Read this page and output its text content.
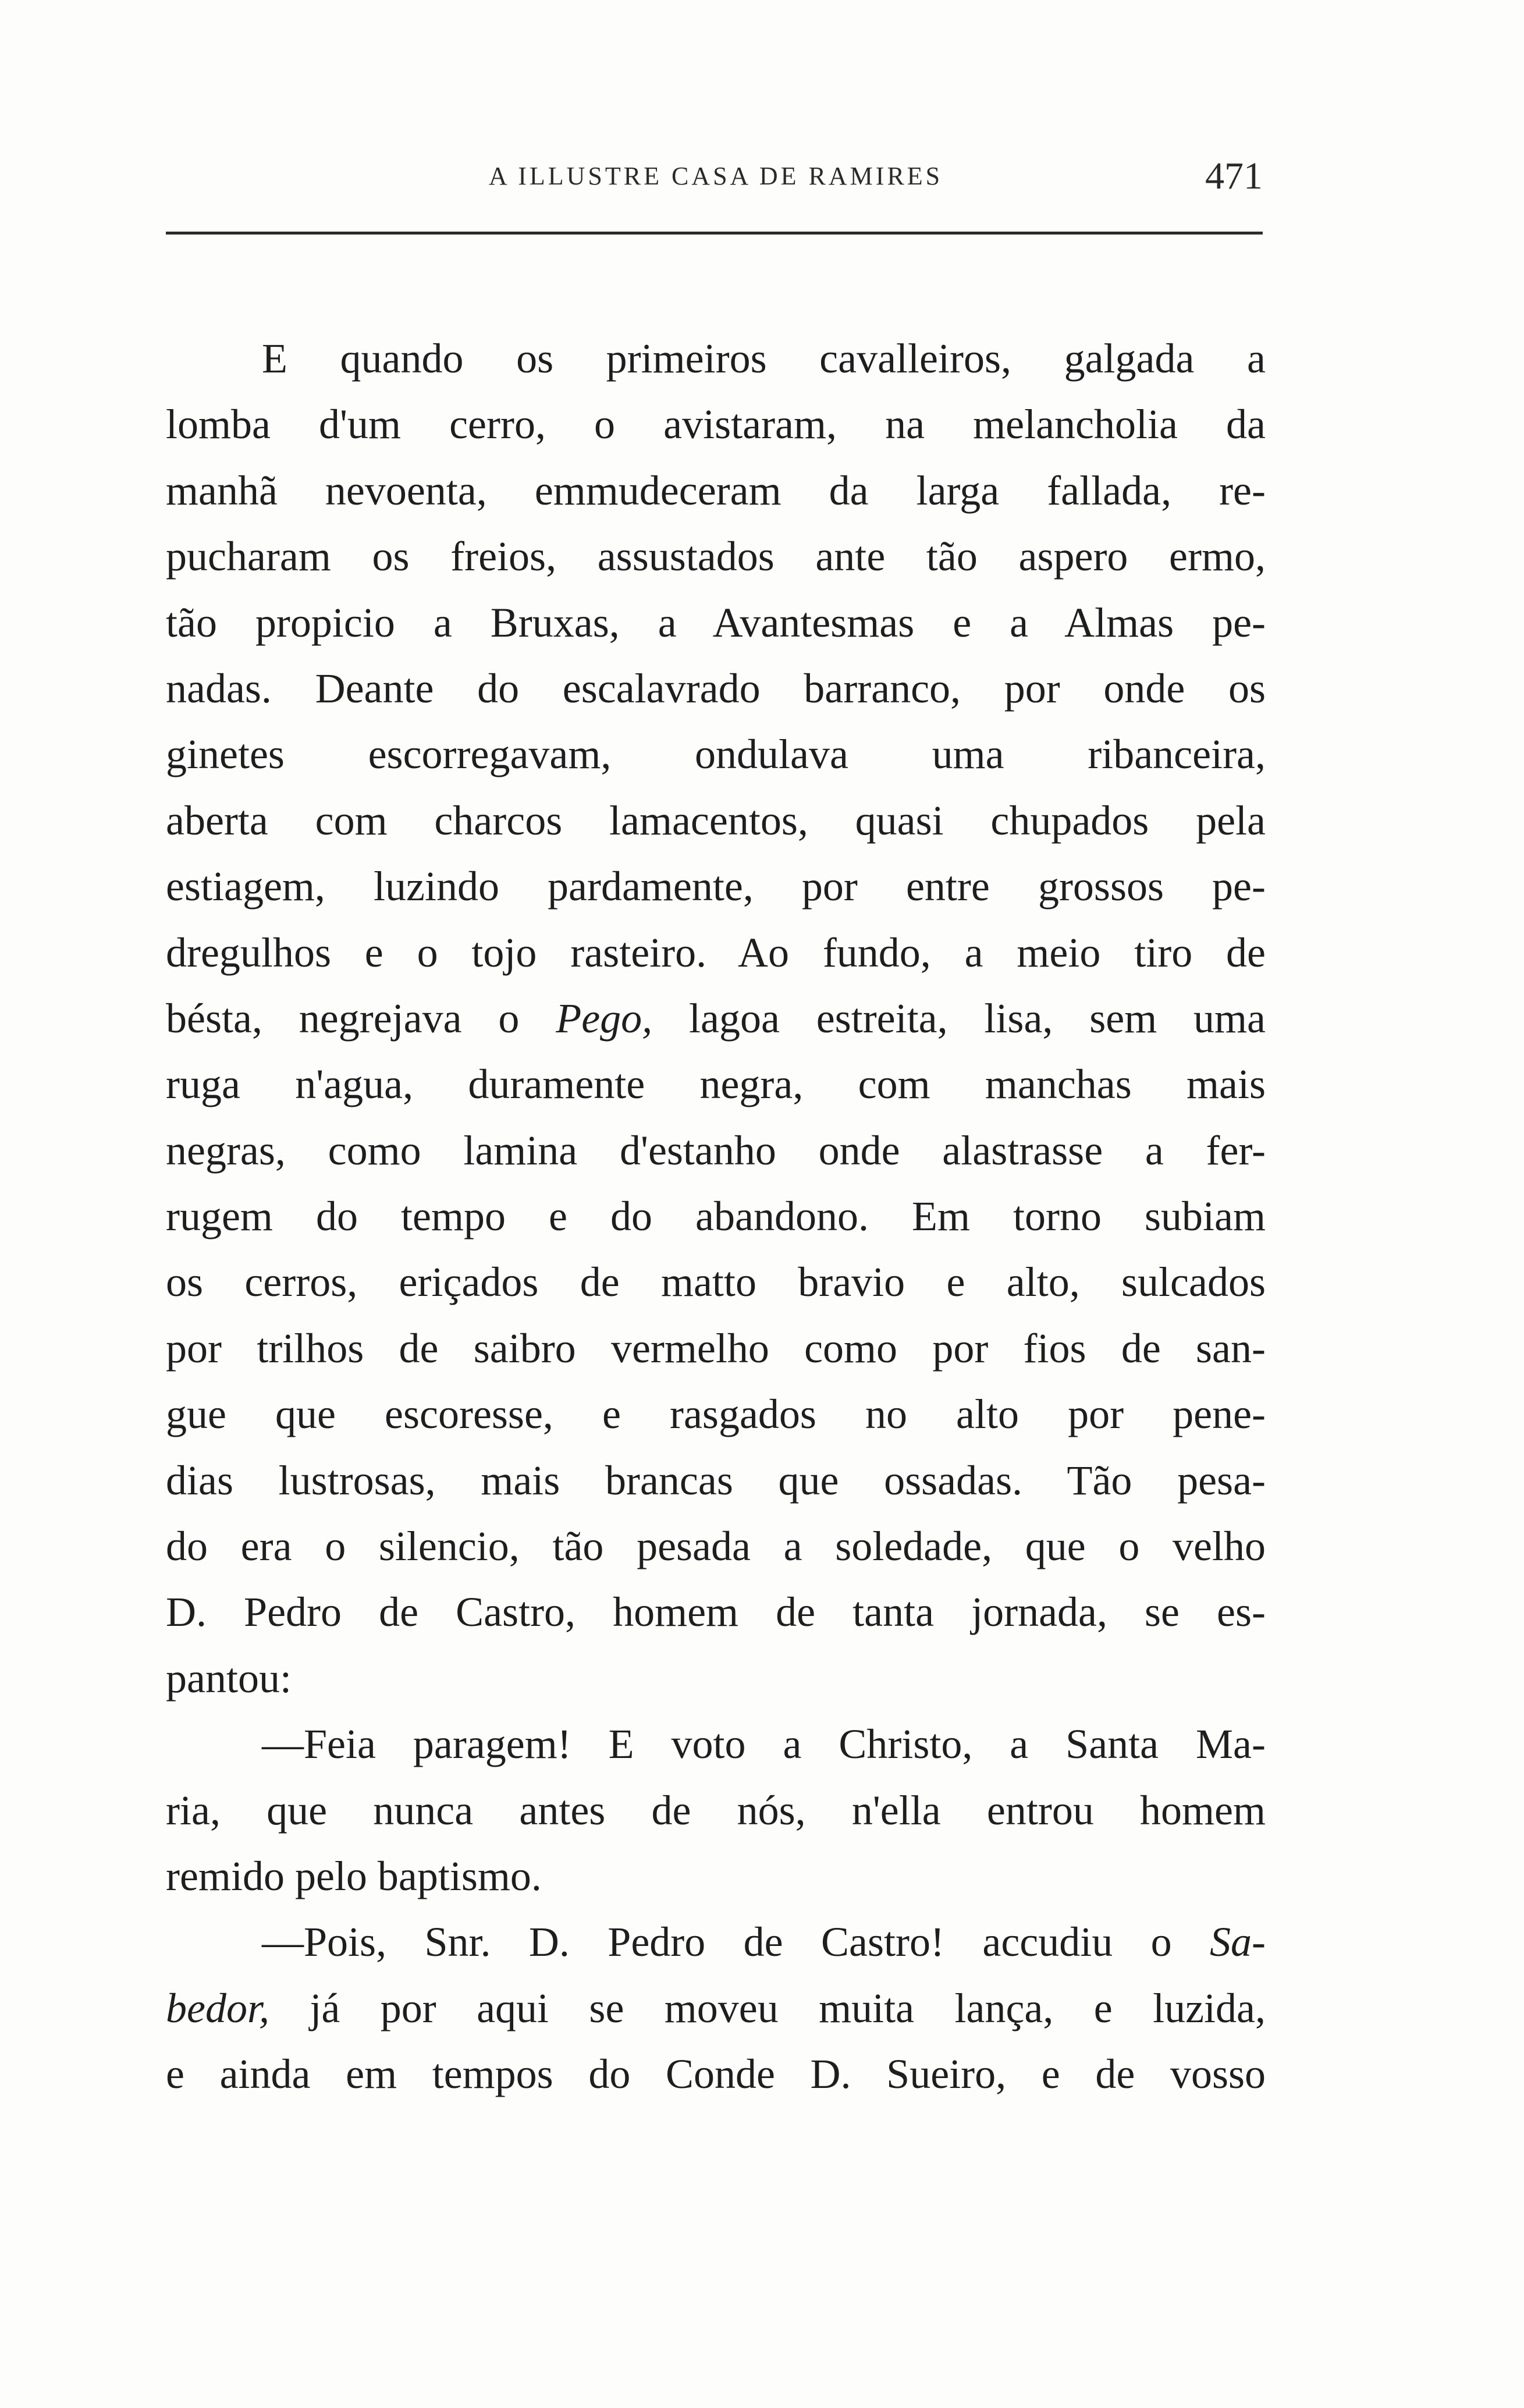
A ILLUSTRE CASA DE RAMIRES	471
E quando os primeiros cavalleiros, galgada a
lomba d'um cerro, o avistaram, na melancholia da
manhã nevoenta, emmudeceram da larga fallada, re-
pucharam os freios, assustados ante tão aspero ermo,
tão propicio a Bruxas, a Avantesmas e a Almas pe-
nadas. Deante do escalavrado barranco, por onde os
ginetes escorregavam, ondulava uma ribanceira,
aberta com charcos lamacentos, quasi chupados pela
estiagem, luzindo pardamente, por entre grossos pe-
dregulhos e o tojo rasteiro. Ao fundo, a meio tiro de
bésta, negrejava o Pego, lagoa estreita, lisa, sem uma
ruga n'agua, duramente negra, com manchas mais
negras, como lamina d'estanho onde alastrasse a fer-
rugem do tempo e do abandono. Em torno subiam
os cerros, eriçados de matto bravio e alto, sulcados
por trilhos de saibro vermelho como por fios de san-
gue que escoresse, e rasgados no alto por pene-
dias lustrosas, mais brancas que ossadas. Tão pesa-
do era o silencio, tão pesada a soledade, que o velho
D. Pedro de Castro, homem de tanta jornada, se es-
pantou:
—Feia paragem! E voto a Christo, a Santa Ma-
ria, que nunca antes de nós, n'ella entrou homem
remido pelo baptismo.
—Pois, Snr. D. Pedro de Castro! accudiu o Sa-
bedor, já por aqui se moveu muita lança, e luzida,
e ainda em tempos do Conde D. Sueiro, e de vosso
